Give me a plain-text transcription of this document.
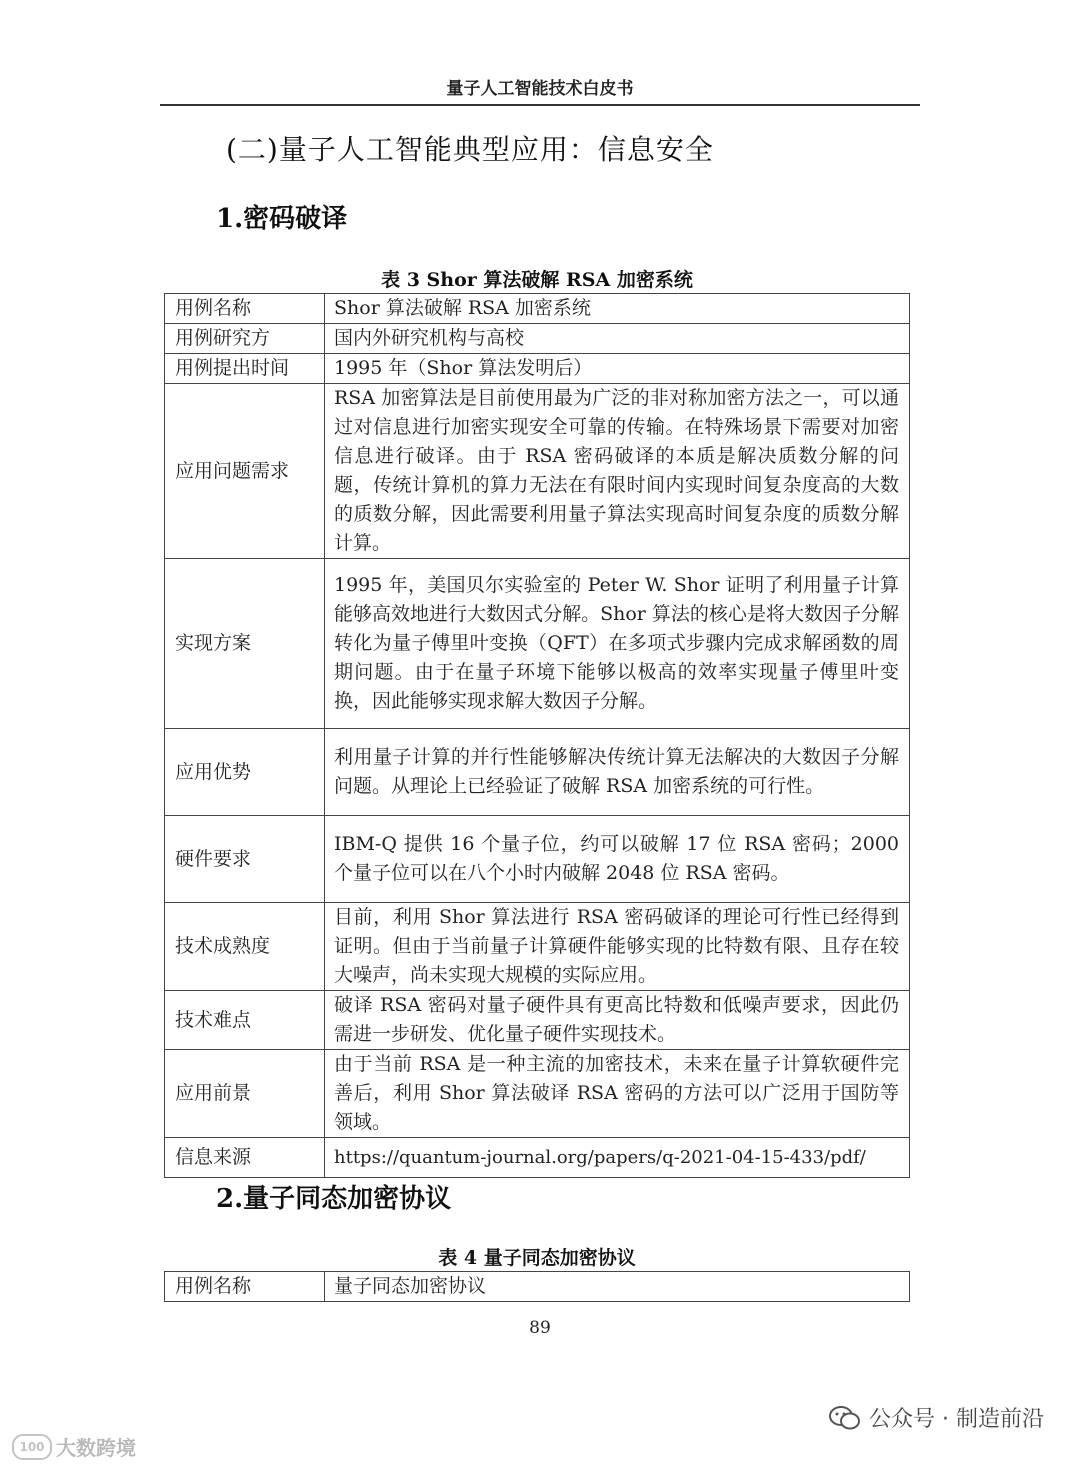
量子人工智能技术白皮书
(二)量子人工智能典型应用：信息安全
1.密码破译
表 3 Shor 算法破解 RSA 加密系统
用例名称	Shor 算法破解 RSA 加密系统
用例研究方	国内外研究机构与高校
用例提出时间	1995 年（Shor 算法发明后）
应用问题需求	RSA 加密算法是目前使用最为广泛的非对称加密方法之一，可以通过对信息进行加密实现安全可靠的传输。在特殊场景下需要对加密信息进行破译。由于 RSA 密码破译的本质是解决质数分解的问题，传统计算机的算力无法在有限时间内实现时间复杂度高的大数的质数分解，因此需要利用量子算法实现高时间复杂度的质数分解计算。
实现方案	1995 年，美国贝尔实验室的 Peter W. Shor 证明了利用量子计算能够高效地进行大数因式分解。Shor 算法的核心是将大数因子分解转化为量子傅里叶变换（QFT）在多项式步骤内完成求解函数的周期问题。由于在量子环境下能够以极高的效率实现量子傅里叶变换，因此能够实现求解大数因子分解。
应用优势	利用量子计算的并行性能够解决传统计算无法解决的大数因子分解问题。从理论上已经验证了破解 RSA 加密系统的可行性。
硬件要求	IBM-Q 提供 16 个量子位，约可以破解 17 位 RSA 密码；2000 个量子位可以在八个小时内破解 2048 位 RSA 密码。
技术成熟度	目前，利用 Shor 算法进行 RSA 密码破译的理论可行性已经得到证明。但由于当前量子计算硬件能够实现的比特数有限、且存在较大噪声，尚未实现大规模的实际应用。
技术难点	破译 RSA 密码对量子硬件具有更高比特数和低噪声要求，因此仍需进一步研发、优化量子硬件实现技术。
应用前景	由于当前 RSA 是一种主流的加密技术，未来在量子计算软硬件完善后，利用 Shor 算法破译 RSA 密码的方法可以广泛用于国防等领域。
信息来源	https://quantum-journal.org/papers/q-2021-04-15-433/pdf/
2.量子同态加密协议
表 4 量子同态加密协议
用例名称	量子同态加密协议
89
100 大数跨境
公众号 · 制造前沿
